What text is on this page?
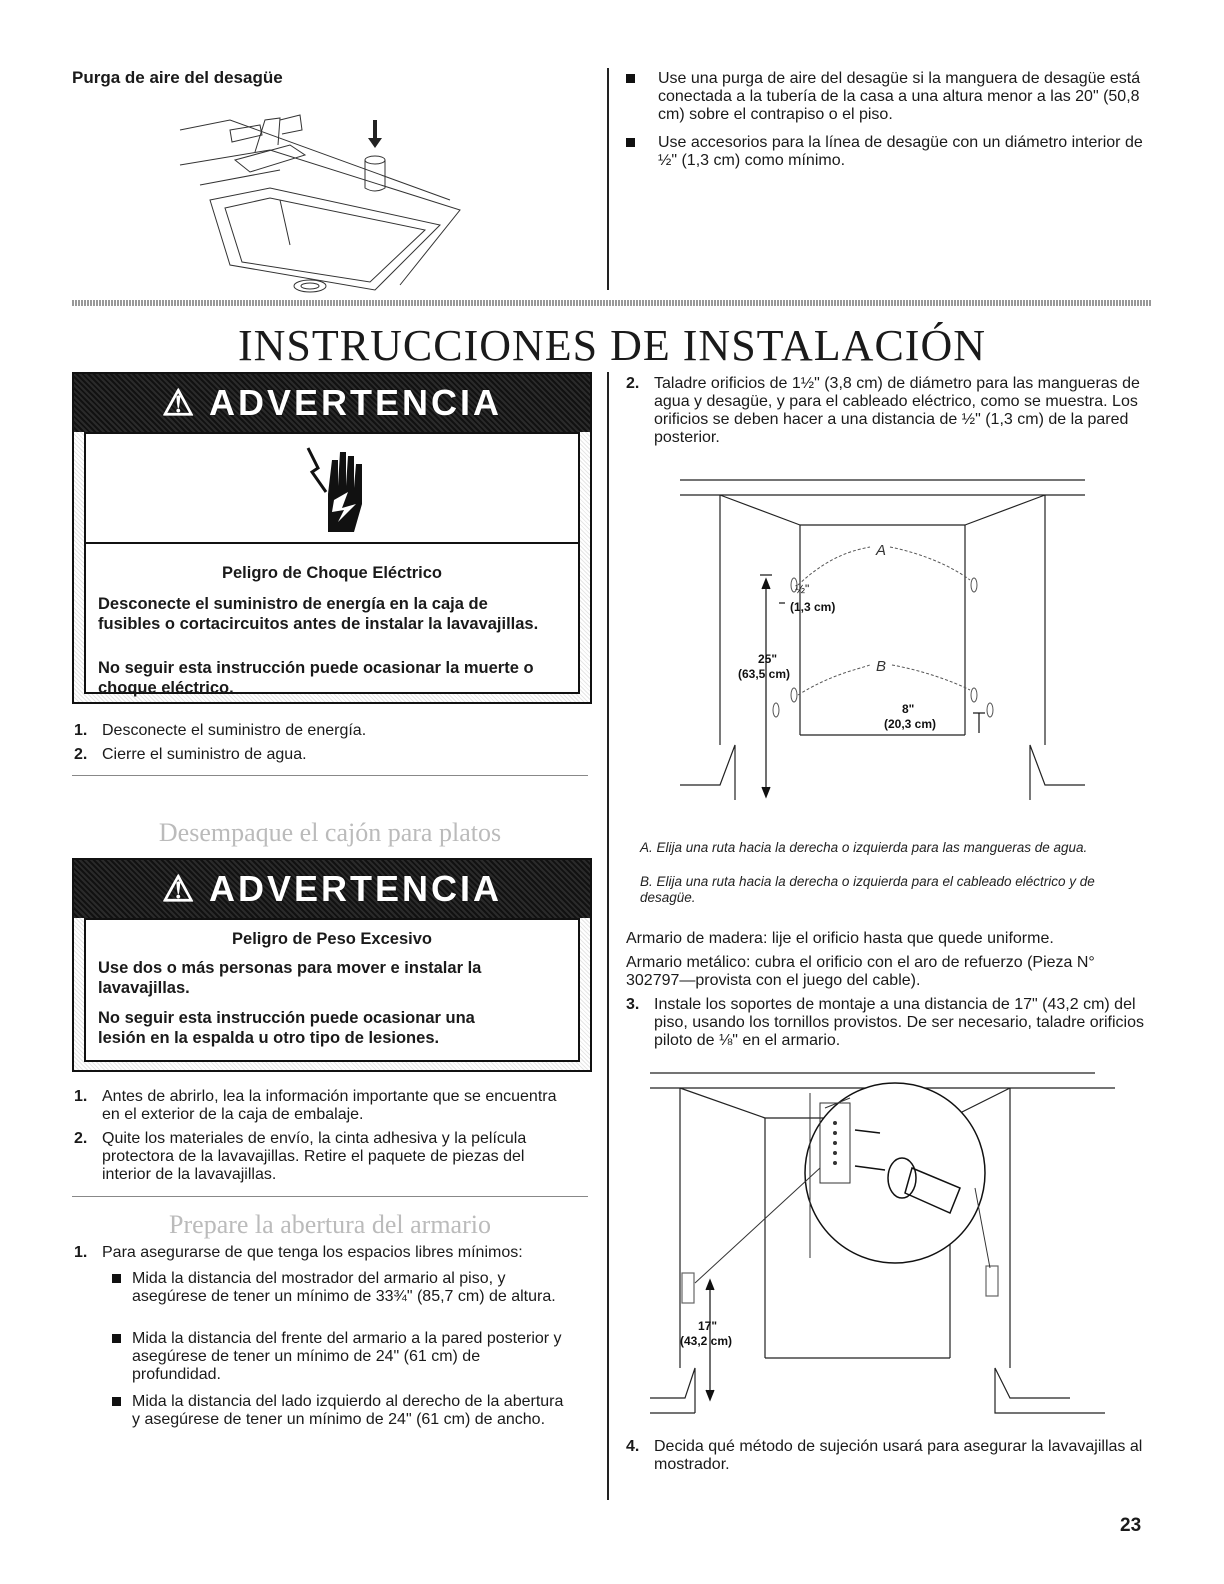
Purga de aire del desagüe	Use una purga de aire del desagüe si la manguera de desagüe está conectada a la tubería de la casa a una altura menor a las 20" (50,8 cm) sobre el contrapiso o el piso.
Use accesorios para la línea de desagüe con un diámetro interior de ½" (1,3 cm) como mínimo.
INSTRUCCIONES DE INSTALACIÓN
⚠ ADVERTENCIA
Peligro de Choque Eléctrico
Desconecte el suministro de energía en la caja de fusibles o cortacircuitos antes de instalar la lavavajillas.
No seguir esta instrucción puede ocasionar la muerte o choque eléctrico.
1. Desconecte el suministro de energía.
2. Cierre el suministro de agua.
Desempaque el cajón para platos
⚠ ADVERTENCIA
Peligro de Peso Excesivo
Use dos o más personas para mover e instalar la lavavajillas.
No seguir esta instrucción puede ocasionar una lesión en la espalda u otro tipo de lesiones.
1. Antes de abrirlo, lea la información importante que se encuentra en el exterior de la caja de embalaje.
2. Quite los materiales de envío, la cinta adhesiva y la película protectora de la lavavajillas. Retire el paquete de piezas del interior de la lavavajillas.
Prepare la abertura del armario
1. Para asegurarse de que tenga los espacios libres mínimos:
Mida la distancia del mostrador del armario al piso, y asegúrese de tener un mínimo de 33¾" (85,7 cm) de altura.
Mida la distancia del frente del armario a la pared posterior y asegúrese de tener un mínimo de 24" (61 cm) de profundidad.
Mida la distancia del lado izquierdo al derecho de la abertura y asegúrese de tener un mínimo de 24" (61 cm) de ancho.
2. Taladre orificios de 1½" (3,8 cm) de diámetro para las mangueras de agua y desagüe, y para el cableado eléctrico, como se muestra. Los orificios se deben hacer a una distancia de ½" (1,3 cm) de la pared posterior.
A
B
½"
(1,3 cm)
25"
(63,5 cm)
8"
(20,3 cm)
A. Elija una ruta hacia la derecha o izquierda para las mangueras de agua.
B. Elija una ruta hacia la derecha o izquierda para el cableado eléctrico y de desagüe.
Armario de madera: lije el orificio hasta que quede uniforme.
Armario metálico: cubra el orificio con el aro de refuerzo (Pieza N° 302797—provista con el juego del cable).
3. Instale los soportes de montaje a una distancia de 17" (43,2 cm) del piso, usando los tornillos provistos. De ser necesario, taladre orificios piloto de ⅛" en el armario.
17"
(43,2 cm)
4. Decida qué método de sujeción usará para asegurar la lavavajillas al mostrador.
23
